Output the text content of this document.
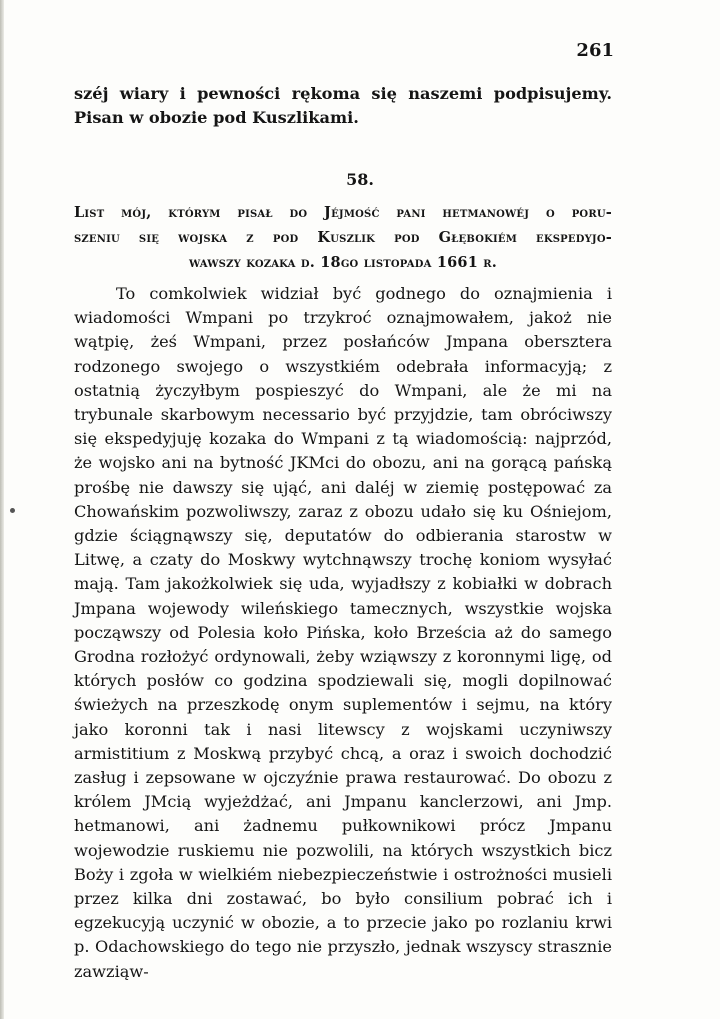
261

széj wiary i pewności rękoma się naszemi podpisujemy. Pisan w obozie pod Kuszlikami.

58.
List mój, którym pisał do Jéjmość pani hetmanowéj o poru-
szeniu się wojska z pod Kuszlik pod Głębokiém ekspedyjo-
wawszy kozaka d. 18go listopada 1661 r.

To comkolwiek widział być godnego do oznajmienia i wiadomości Wmpani po trzykroć oznajmowałem, jakoż nie wątpię, żeś Wmpani, przez posłańców Jmpana obersztera rodzonego swojego o wszystkiém odebrała informacyją; z ostatnią życzyłbym pospieszyć do Wmpani, ale że mi na trybunale skarbowym necessario być przyjdzie, tam obróciwszy się ekspedyjuję kozaka do Wmpani z tą wiadomością: najprzód, że wojsko ani na bytność JKMci do obozu, ani na gorącą pańską prośbę nie dawszy się ująć, ani daléj w ziemię postępować za Chowańskim pozwoliwszy, zaraz z obozu udało się ku Ośniejom, gdzie ściągnąwszy się, deputatów do odbierania starostw w Litwę, a czaty do Moskwy wytchnąwszy trochę koniom wysyłać mają. Tam jakożkolwiek się uda, wyjadłszy z kobiałki w dobrach Jmpana wojewody wileńskiego tamecznych, wszystkie wojska począwszy od Polesia koło Pińska, koło Brześcia aż do samego Grodna rozłożyć ordynowali, żeby wziąwszy z koronnymi ligę, od których posłów co godzina spodziewali się, mogli dopilnować świeżych na przeszkodę onym suplementów i sejmu, na który jako koronni tak i nasi litewscy z wojskami uczyniwszy armistitium z Moskwą przybyć chcą, a oraz i swoich dochodzić zasług i zepsowane w ojczyźnie prawa restaurować. Do obozu z królem JMcią wyjeżdżać, ani Jmpanu kanclerzowi, ani Jmp. hetmanowi, ani żadnemu pułkownikowi prócz Jmpanu wojewodzie ruskiemu nie pozwolili, na których wszystkich bicz Boży i zgoła w wielkiém niebezpieczeństwie i ostrożności musieli przez kilka dni zostawać, bo było consilium pobrać ich i egzekucyją uczynić w obozie, a to przecie jako po rozlaniu krwi p. Odachowskiego do tego nie przyszło, jednak wszyscy strasznie zawziąw-
